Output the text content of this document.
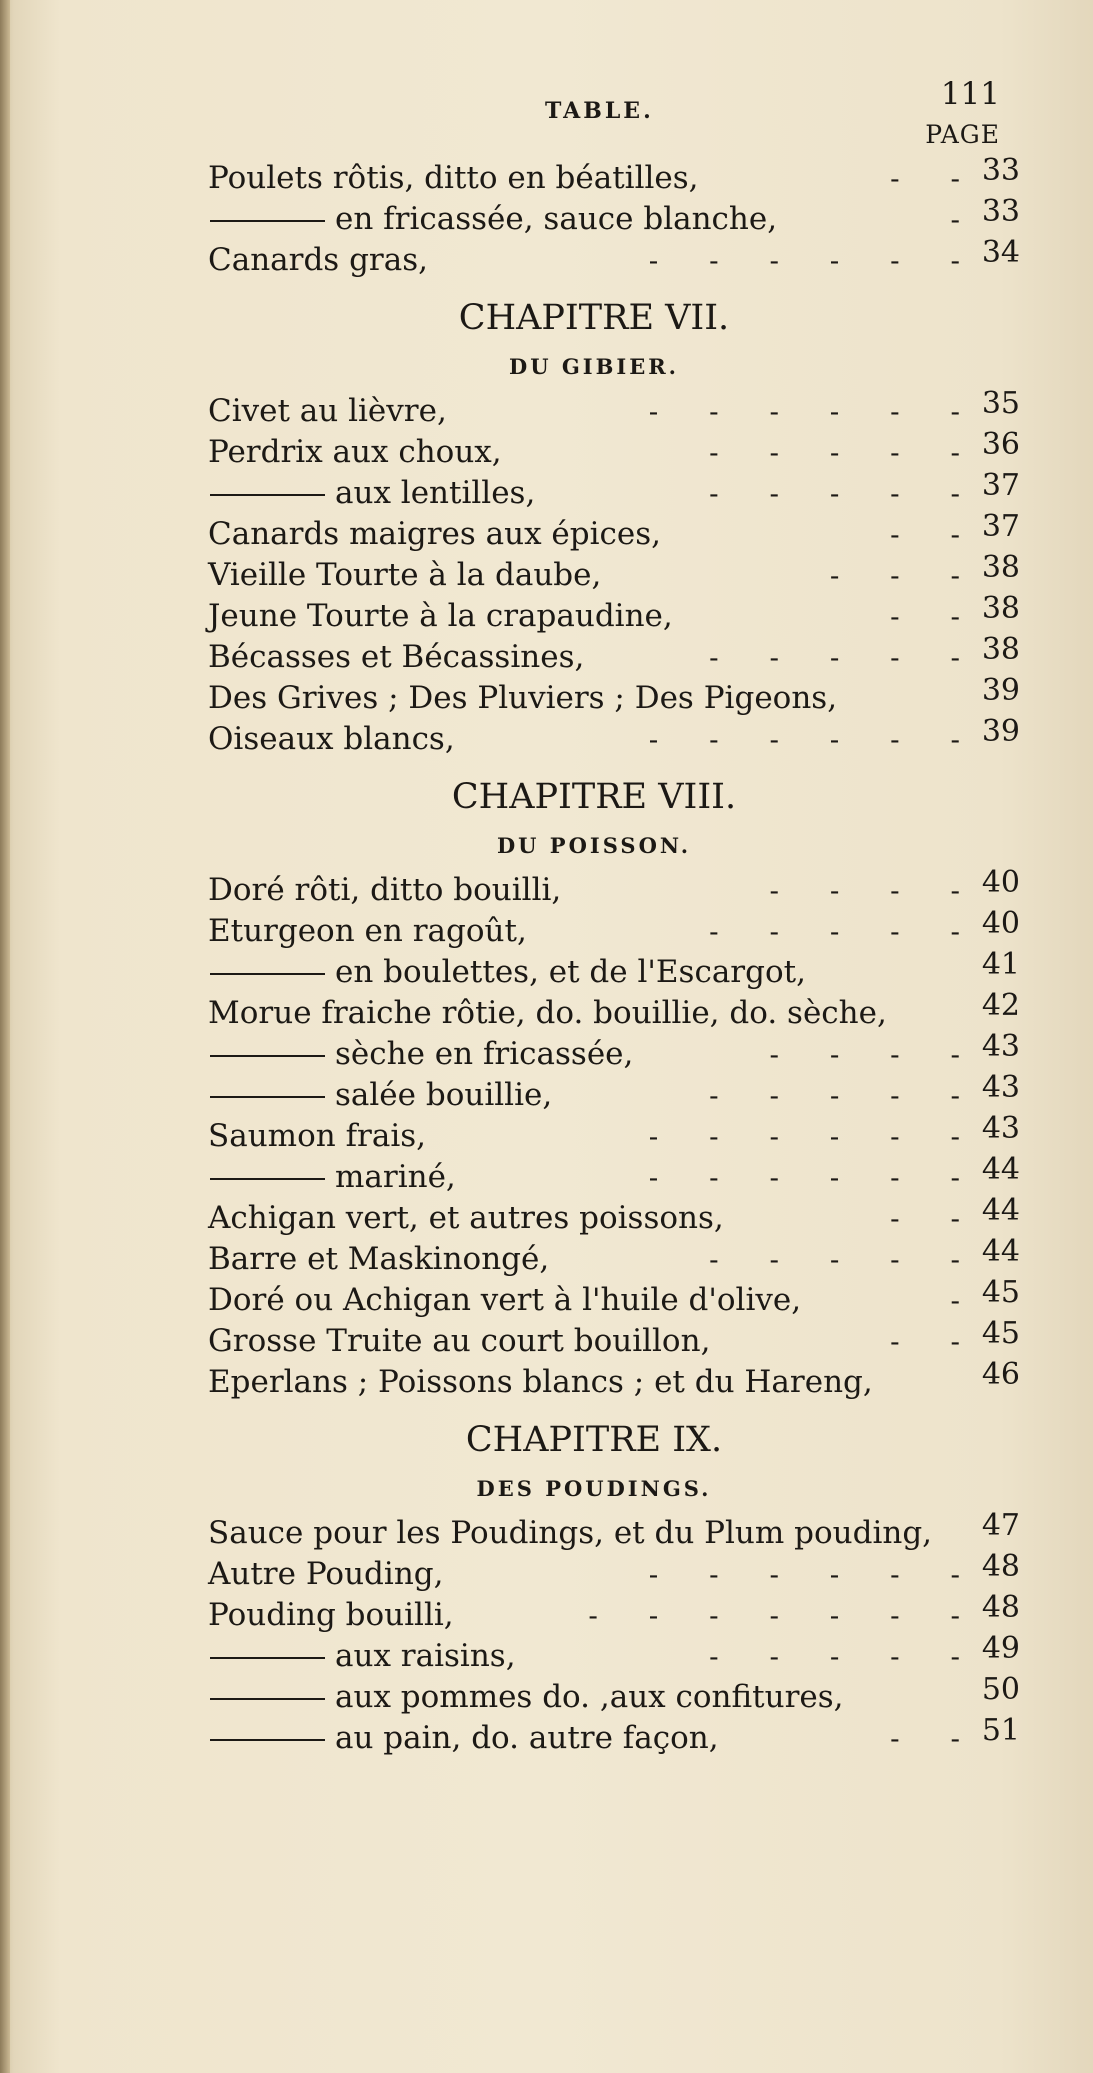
TABLE.	111
PAGE
Poulets rôtis, ditto en béatilles,	- - 33
en fricassée, sauce blanche,	- 33
Canards gras,	- - - - - - 34
CHAPITRE VII.
DU GIBIER.
Civet au lièvre,	- - - - - - 35
Perdrix aux choux,	- - - - - 36
aux lentilles,	- - - - - 37
Canards maigres aux épices,	- - 37
Vieille Tourte à la daube,	- - - 38
Jeune Tourte à la crapaudine,	- - 38
Bécasses et Bécassines,	- - - - - 38
Des Grives ; Des Pluviers ; Des Pigeons,	39
Oiseaux blancs,	- - - - - - 39
CHAPITRE VIII.
DU POISSON.
Doré rôti, ditto bouilli,	- - - - 40
Eturgeon en ragoût,	- - - - - 40
en boulettes, et de l'Escargot,	41
Morue fraiche rôtie, do. bouillie, do. sèche,	42
sèche en fricassée,	- - - - 43
salée bouillie,	- - - - - 43
Saumon frais,	- - - - - - 43
mariné,	- - - - - - 44
Achigan vert, et autres poissons,	- - 44
Barre et Maskinongé,	- - - - - 44
Doré ou Achigan vert à l'huile d'olive,	- 45
Grosse Truite au court bouillon,	- - 45
Eperlans ; Poissons blancs ; et du Hareng,	46
CHAPITRE IX.
DES POUDINGS.
Sauce pour les Poudings, et du Plum pouding, 47
Autre Pouding,	- - - - - - 48
Pouding bouilli,	- - - - - - - 48
aux raisins,	- - - - - 49
aux pommes do. ,aux confitures,	50
au pain, do. autre façon,	- - 51
